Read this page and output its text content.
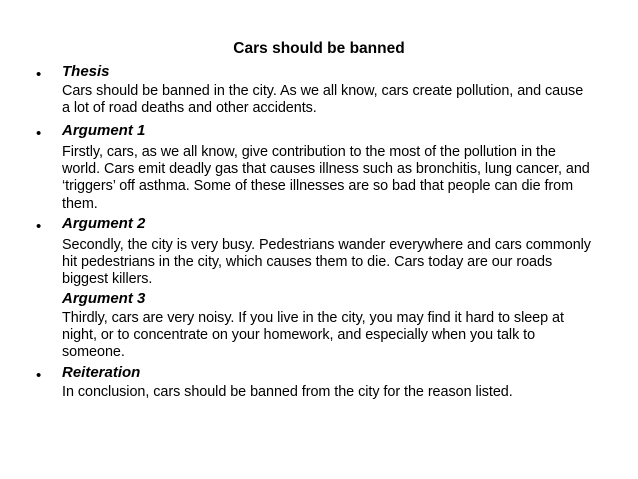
Cars should be banned
• Thesis
Cars should be banned in the city. As we all know, cars create pollution, and cause a lot of road deaths and other accidents.
• Argument 1
Firstly, cars, as we all know, give contribution to the most of the pollution in the world. Cars emit deadly gas that causes illness such as bronchitis, lung cancer, and ‘triggers’ off asthma. Some of these illnesses are so bad that people can die from them.
• Argument 2
Secondly, the city is very busy. Pedestrians wander everywhere and cars commonly hit pedestrians in the city, which causes them to die. Cars today are our roads biggest killers.
Argument 3
Thirdly, cars are very noisy. If you live in the city, you may find it hard to sleep at night, or to concentrate on your homework, and especially when you talk to someone.
• Reiteration
In conclusion, cars should be banned from the city for the reason listed.
